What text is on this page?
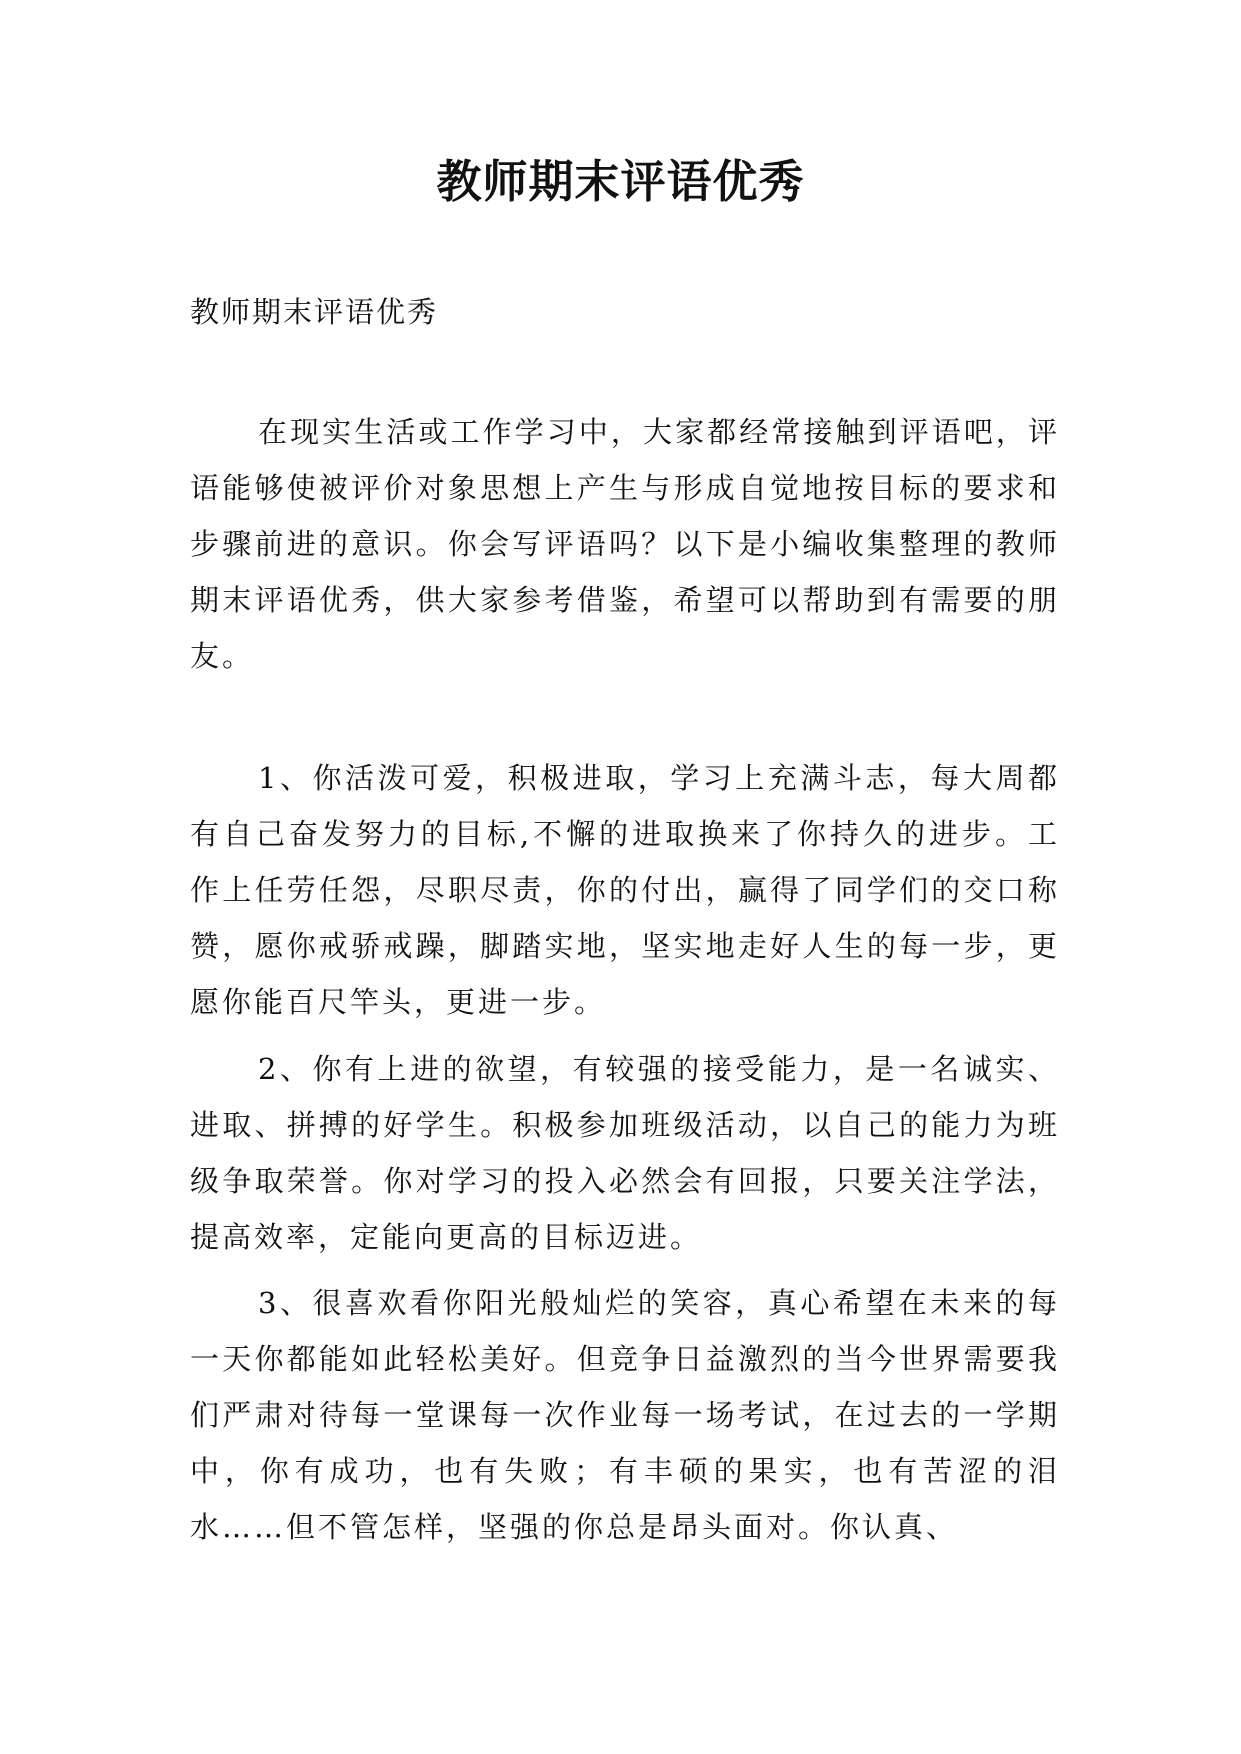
教师期末评语优秀
教师期末评语优秀

在现实生活或工作学习中，大家都经常接触到评语吧，评语能够使被评价对象思想上产生与形成自觉地按目标的要求和步骤前进的意识。你会写评语吗？以下是小编收集整理的教师期末评语优秀，供大家参考借鉴，希望可以帮助到有需要的朋友。

1、你活泼可爱，积极进取，学习上充满斗志，每大周都有自己奋发努力的目标,不懈的进取换来了你持久的进步。工作上任劳任怨，尽职尽责，你的付出，赢得了同学们的交口称赞，愿你戒骄戒躁，脚踏实地，坚实地走好人生的每一步，更愿你能百尺竿头，更进一步。

2、你有上进的欲望，有较强的接受能力，是一名诚实、进取、拼搏的好学生。积极参加班级活动，以自己的能力为班级争取荣誉。你对学习的投入必然会有回报，只要关注学法，提高效率，定能向更高的目标迈进。

3、很喜欢看你阳光般灿烂的笑容，真心希望在未来的每一天你都能如此轻松美好。但竞争日益激烈的当今世界需要我们严肃对待每一堂课每一次作业每一场考试，在过去的一学期中，你有成功，也有失败；有丰硕的果实，也有苦涩的泪水……但不管怎样，坚强的你总是昂头面对。你认真、
